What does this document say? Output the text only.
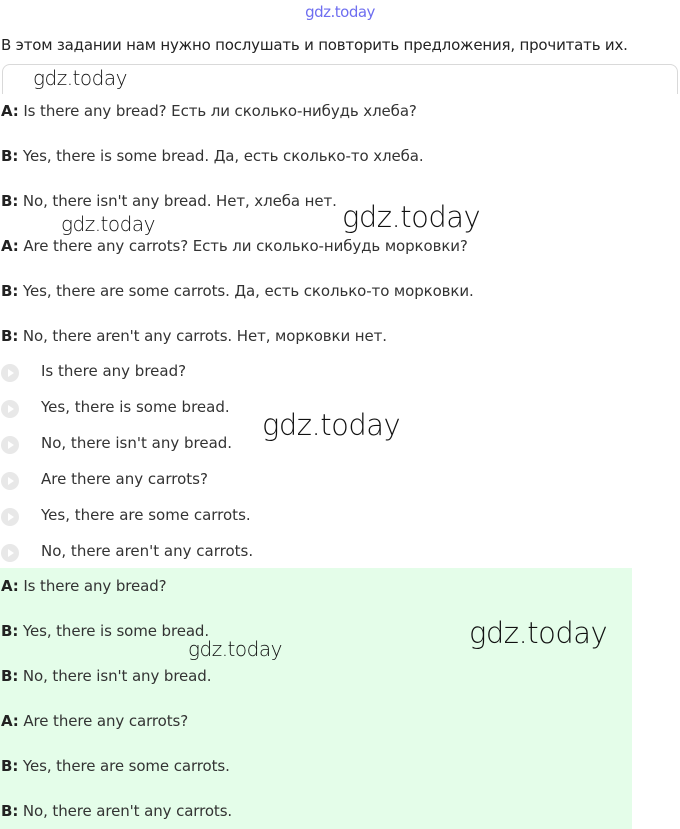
gdz.today
В этом задании нам нужно послушать и повторить предложения, прочитать их.
gdz.today
A: Is there any bread? Есть ли сколько-нибудь хлеба?
B: Yes, there is some bread. Да, есть сколько-то хлеба.
B: No, there isn't any bread. Нет, хлеба нет.
A: Are there any carrots? Есть ли сколько-нибудь морковки?
B: Yes, there are some carrots. Да, есть сколько-то морковки.
B: No, there aren't any carrots. Нет, морковки нет.
gdz.today	gdz.today
Is there any bread?
Yes, there is some bread.
No, there isn't any bread.
Are there any carrots?
Yes, there are some carrots.
No, there aren't any carrots.
gdz.today
A: Is there any bread?
B: Yes, there is some bread.
B: No, there isn't any bread.
A: Are there any carrots?
B: Yes, there are some carrots.
B: No, there aren't any carrots.
gdz.today	gdz.today
